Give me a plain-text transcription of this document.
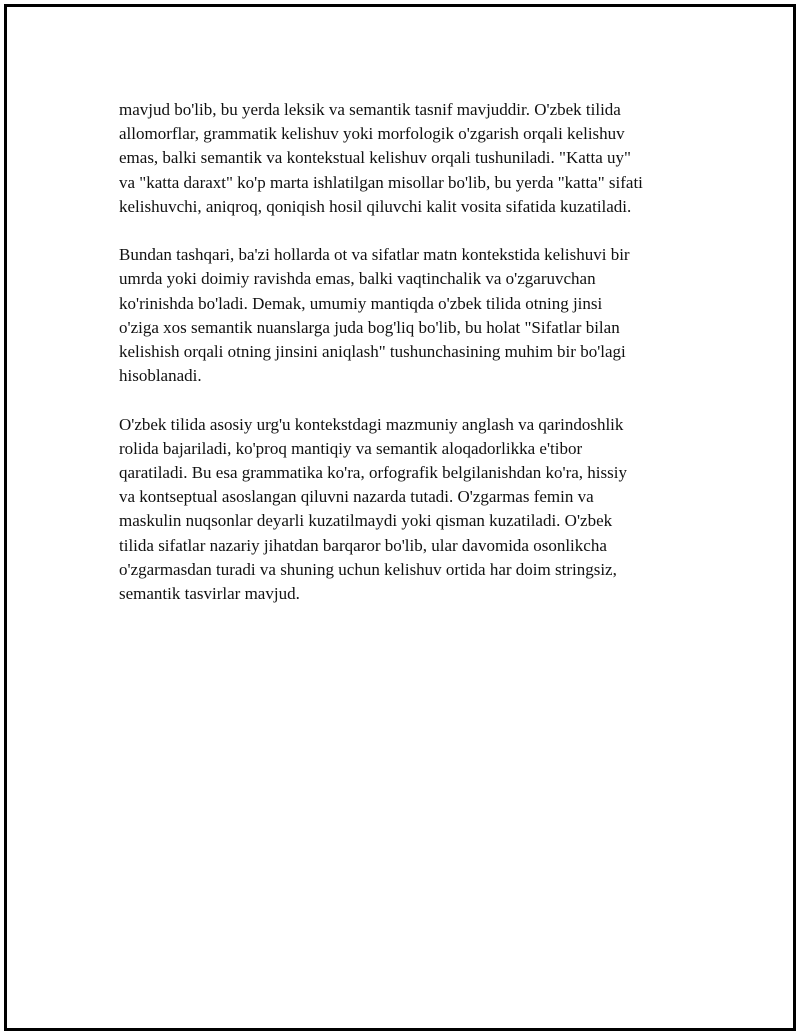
mavjud bo'lib, bu yerda leksik va semantik tasnif mavjuddir. O'zbek tilida
allomorflar, grammatik kelishuv yoki morfologik o'zgarish orqali kelishuv
emas, balki semantik va kontekstual kelishuv orqali tushuniladi. "Katta uy"
va "katta daraxt" ko'p marta ishlatilgan misollar bo'lib, bu yerda "katta" sifati
kelishuvchi, aniqroq, qoniqish hosil qiluvchi kalit vosita sifatida kuzatiladi.

Bundan tashqari, ba'zi hollarda ot va sifatlar matn kontekstida kelishuvi bir
umrda yoki doimiy ravishda emas, balki vaqtinchalik va o'zgaruvchan
ko'rinishda bo'ladi. Demak, umumiy mantiqda o'zbek tilida otning jinsi
o'ziga xos semantik nuanslarga juda bog'liq bo'lib, bu holat "Sifatlar bilan
kelishish orqali otning jinsini aniqlash" tushunchasining muhim bir bo'lagi
hisoblanadi.

O'zbek tilida asosiy urg'u kontekstdagi mazmuniy anglash va qarindoshlik
rolida bajariladi, ko'proq mantiqiy va semantik aloqadorlikka e'tibor
qaratiladi. Bu esa grammatika ko'ra, orfografik belgilanishdan ko'ra, hissiy
va kontseptual asoslangan qiluvni nazarda tutadi. O'zgarmas femin va
maskulin nuqsonlar deyarli kuzatilmaydi yoki qisman kuzatiladi. O'zbek
tilida sifatlar nazariy jihatdan barqaror bo'lib, ular davomida osonlikcha
o'zgarmasdan turadi va shuning uchun kelishuv ortida har doim stringsiz,
semantik tasvirlar mavjud.
